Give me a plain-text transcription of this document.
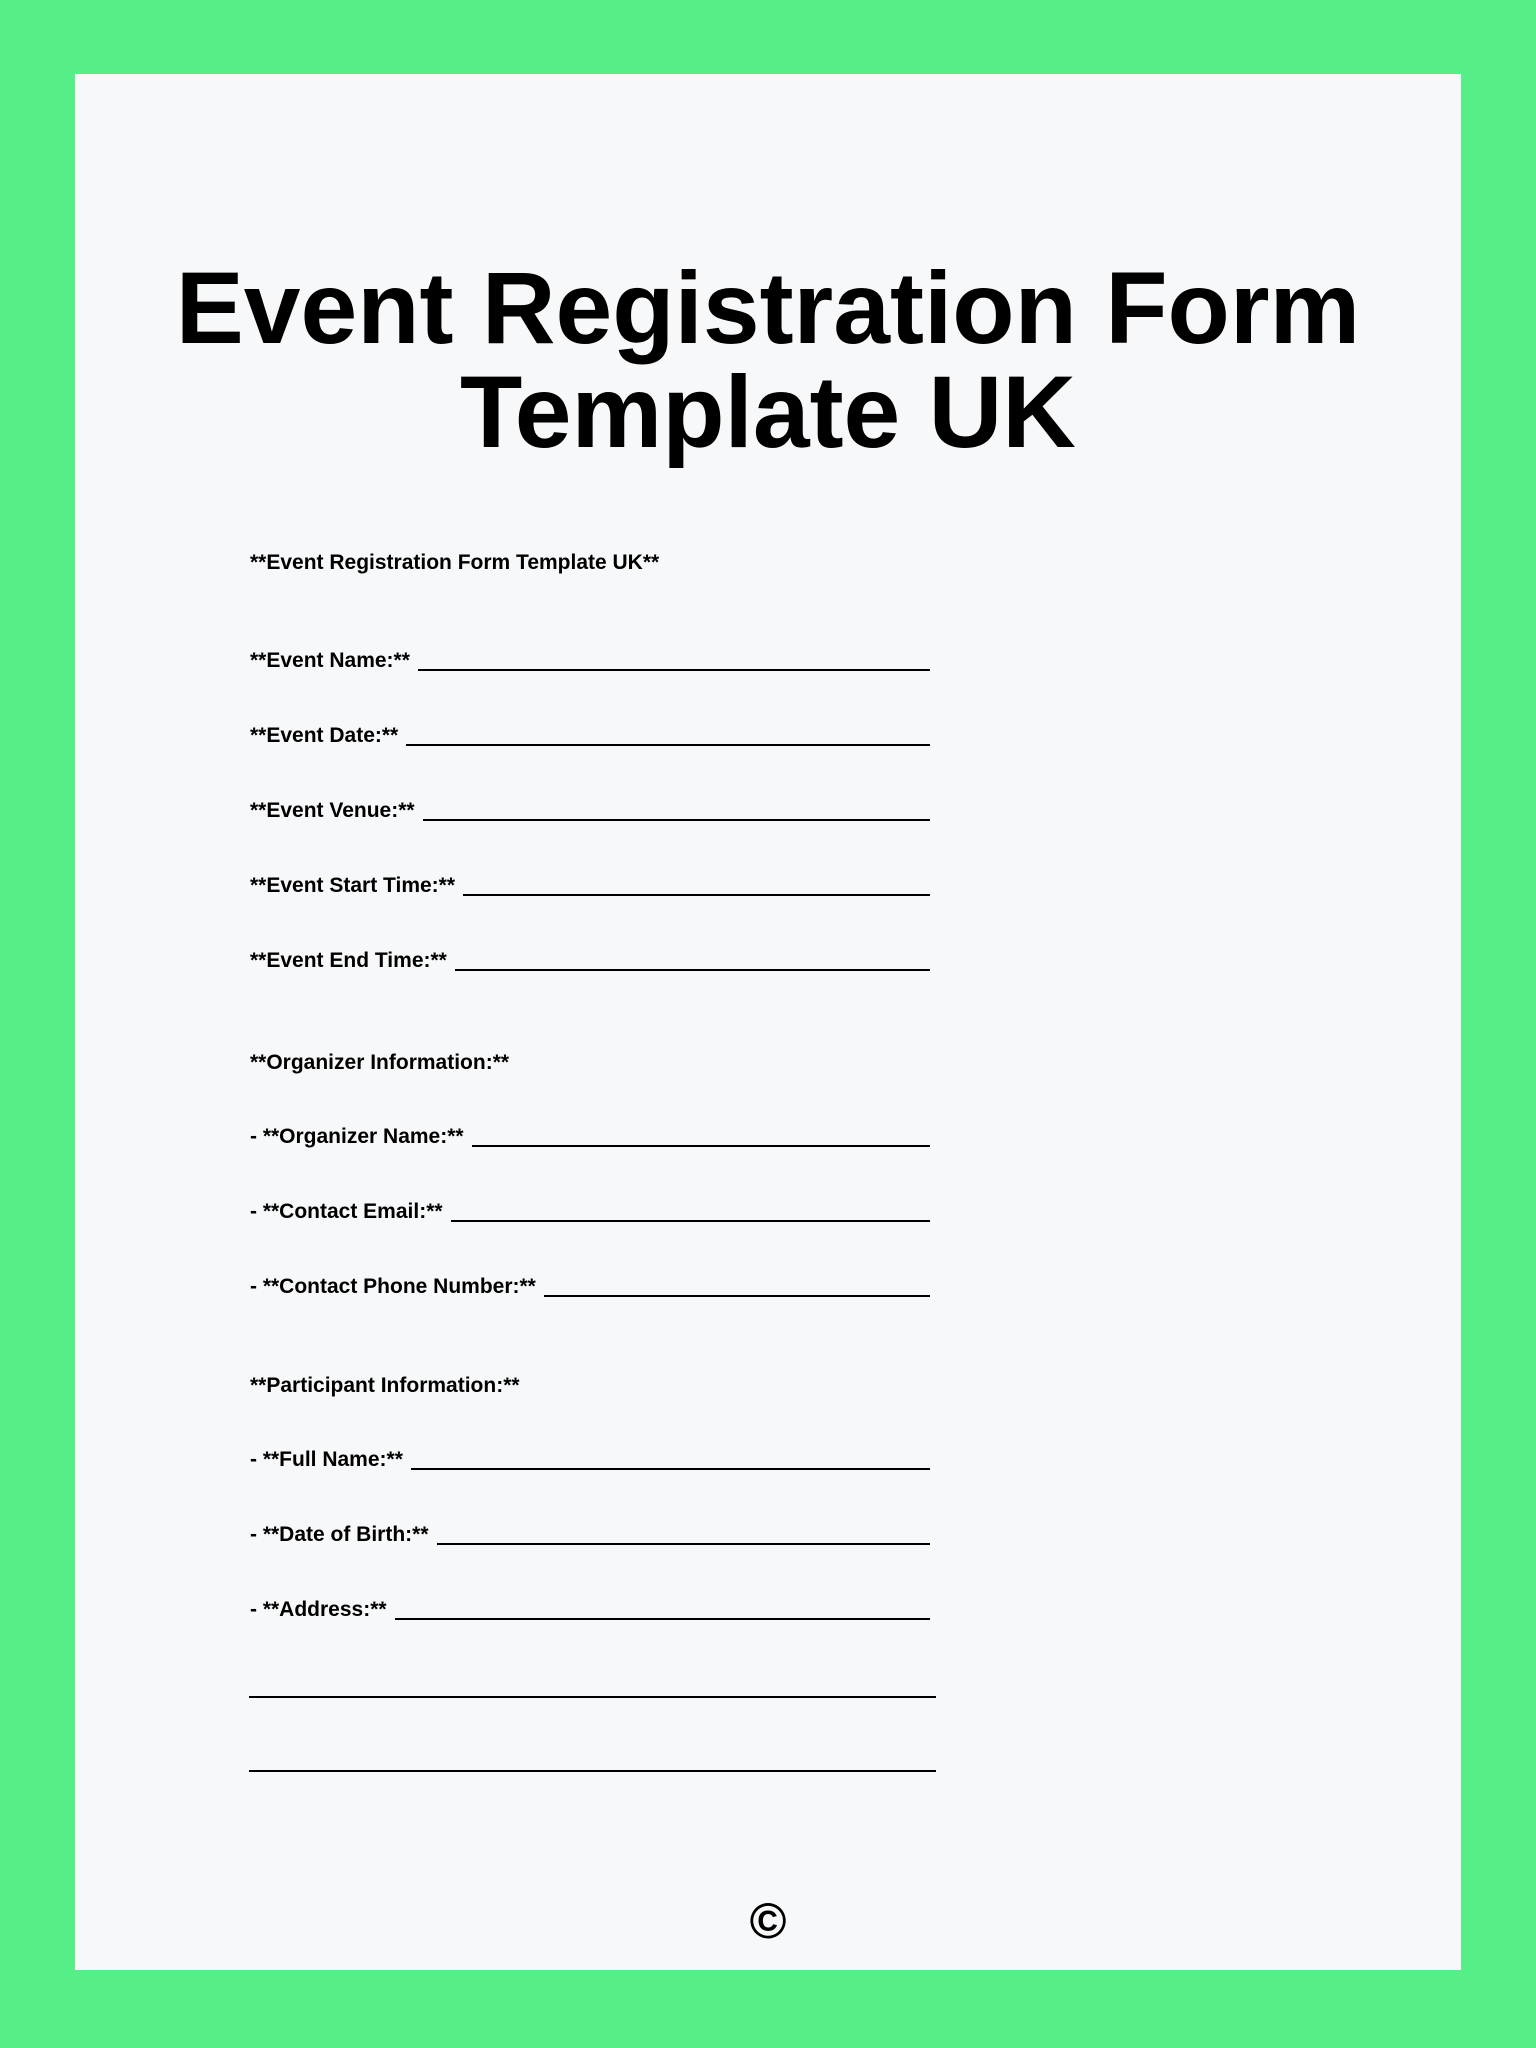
Event Registration Form
Template UK
**Event Registration Form Template UK**
**Event Name:**
**Event Date:**
**Event Venue:**
**Event Start Time:**
**Event End Time:**
**Organizer Information:**
- **Organizer Name:**
- **Contact Email:**
- **Contact Phone Number:**
**Participant Information:**
- **Full Name:**
- **Date of Birth:**
- **Address:**
©
